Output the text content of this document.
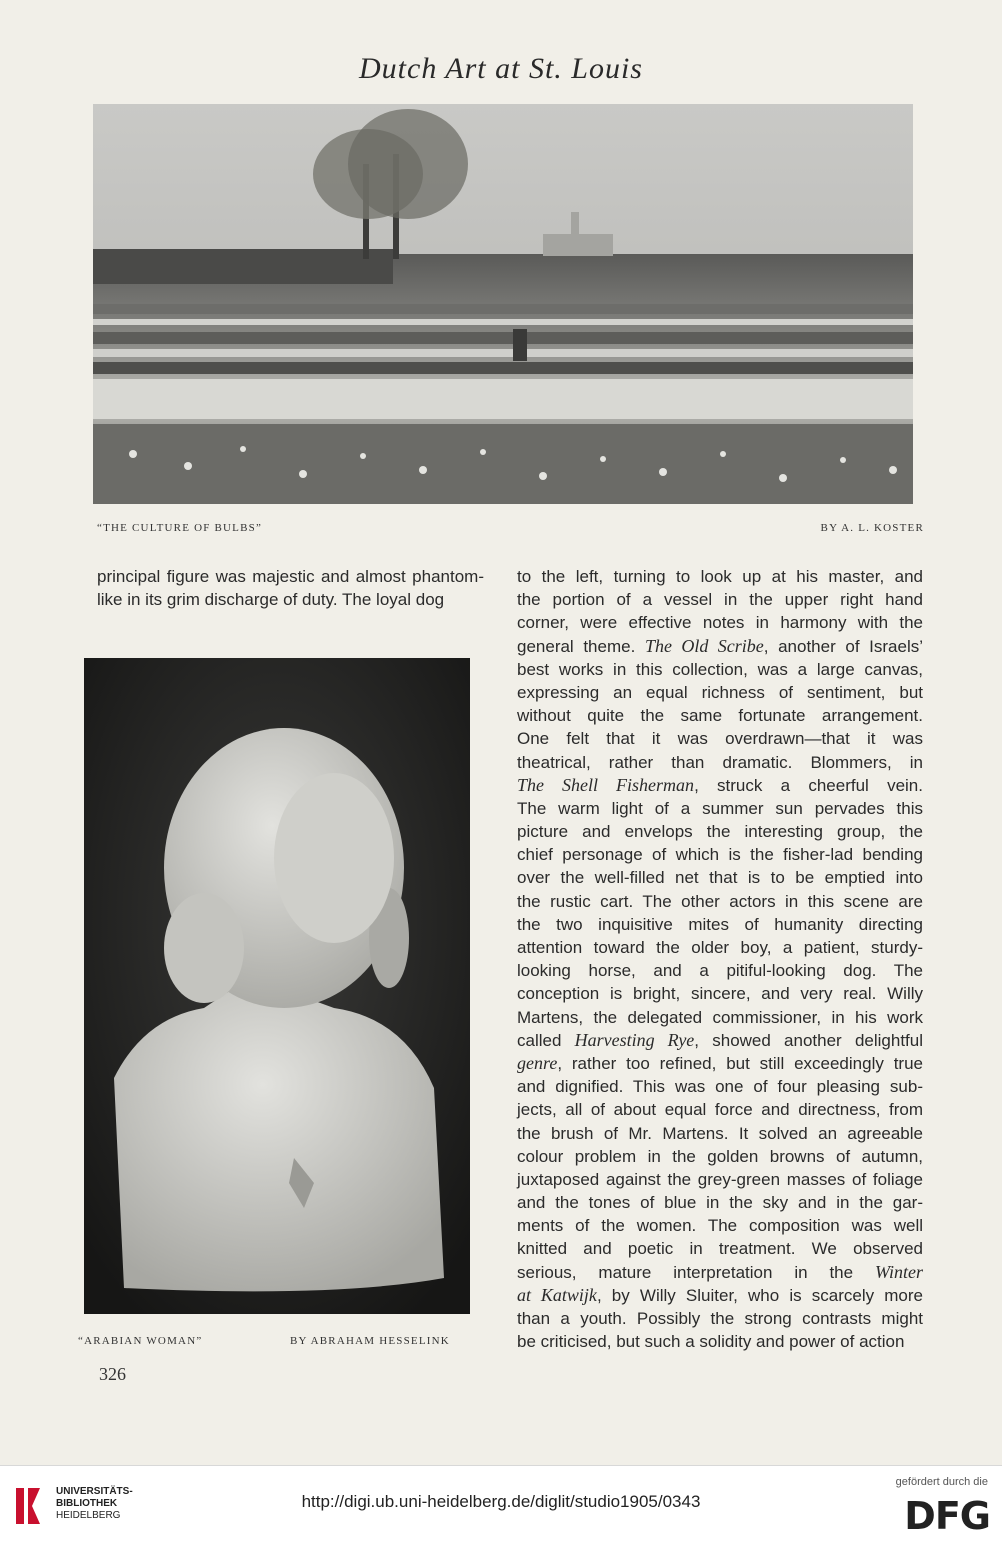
Dutch Art at St. Louis
“THE CULTURE OF BULBS”	BY A. L. KOSTER
principal figure was majestic and almost phantom-
like in its grim discharge of duty. The loyal dog
“ARABIAN WOMAN”	BY ABRAHAM HESSELINK
to the left, turning to look up at his master, and
the portion of a vessel in the upper right hand
corner, were effective notes in harmony with the
general theme. The Old Scribe, another of Israels’
best works in this collection, was a large canvas,
expressing an equal richness of sentiment, but
without quite the same fortunate arrangement.
One felt that it was overdrawn—that it was
theatrical, rather than dramatic. Blommers, in
The Shell Fisherman, struck a cheerful vein.
The warm light of a summer sun pervades this
picture and envelops the interesting group, the
chief personage of which is the fisher-lad bending
over the well-filled net that is to be emptied into
the rustic cart. The other actors in this scene are
the two inquisitive mites of humanity directing
attention toward the older boy, a patient, sturdy-
looking horse, and a pitiful-looking dog. The
conception is bright, sincere, and very real. Willy
Martens, the delegated commissioner, in his work
called Harvesting Rye, showed another delightful
genre, rather too refined, but still exceedingly true
and dignified. This was one of four pleasing sub-
jects, all of about equal force and directness, from
the brush of Mr. Martens. It solved an agreeable
colour problem in the golden browns of autumn,
juxtaposed against the grey-green masses of foliage
and the tones of blue in the sky and in the gar-
ments of the women. The composition was well
knitted and poetic in treatment. We observed
serious, mature interpretation in the Winter
at Katwijk, by Willy Sluiter, who is scarcely more
than a youth. Possibly the strong contrasts might
be criticised, but such a solidity and power of action
326
UNIVERSITÄTS-
BIBLIOTHEK
HEIDELBERG
http://digi.ub.uni-heidelberg.de/diglit/studio1905/0343
gefördert durch die
DFG
